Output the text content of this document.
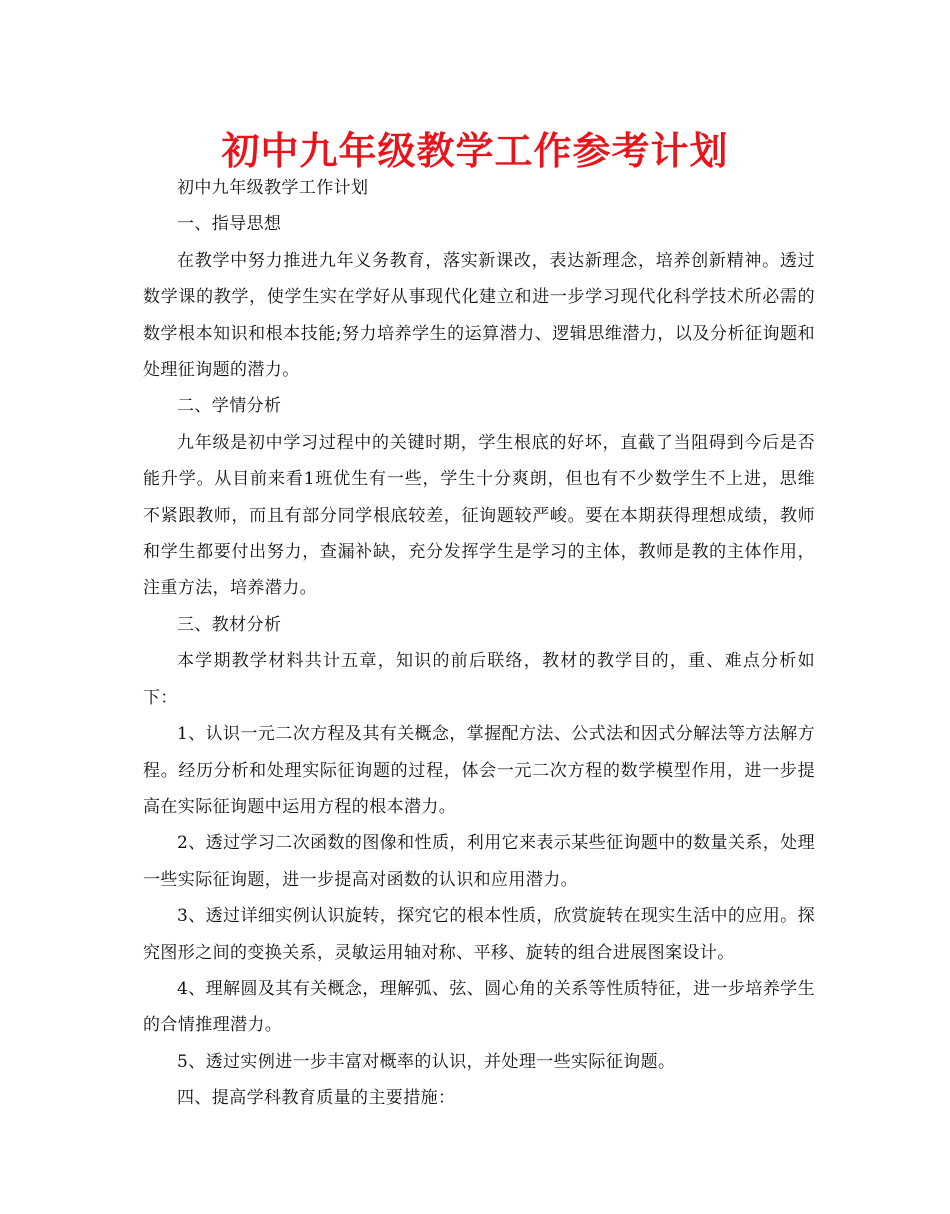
初中九年级教学工作参考计划

初中九年级教学工作计划

一、指导思想

在教学中努力推进九年义务教育，落实新课改，表达新理念，培养创新精神。透过数学课的教学，使学生实在学好从事现代化建立和进一步学习现代化科学技术所必需的数学根本知识和根本技能;努力培养学生的运算潜力、逻辑思维潜力，以及分析征询题和处理征询题的潜力。

二、学情分析

九年级是初中学习过程中的关键时期，学生根底的好坏，直截了当阻碍到今后是否能升学。从目前来看1班优生有一些，学生十分爽朗，但也有不少数学生不上进，思维不紧跟教师，而且有部分同学根底较差，征询题较严峻。要在本期获得理想成绩，教师和学生都要付出努力，查漏补缺，充分发挥学生是学习的主体，教师是教的主体作用，注重方法，培养潜力。

三、教材分析

本学期教学材料共计五章，知识的前后联络，教材的教学目的，重、难点分析如下：

1、认识一元二次方程及其有关概念，掌握配方法、公式法和因式分解法等方法解方程。经历分析和处理实际征询题的过程，体会一元二次方程的数学模型作用，进一步提高在实际征询题中运用方程的根本潜力。

2、透过学习二次函数的图像和性质，利用它来表示某些征询题中的数量关系，处理一些实际征询题，进一步提高对函数的认识和应用潜力。

3、透过详细实例认识旋转，探究它的根本性质，欣赏旋转在现实生活中的应用。探究图形之间的变换关系，灵敏运用轴对称、平移、旋转的组合进展图案设计。

4、理解圆及其有关概念，理解弧、弦、圆心角的关系等性质特征，进一步培养学生的合情推理潜力。

5、透过实例进一步丰富对概率的认识，并处理一些实际征询题。

四、提高学科教育质量的主要措施：
